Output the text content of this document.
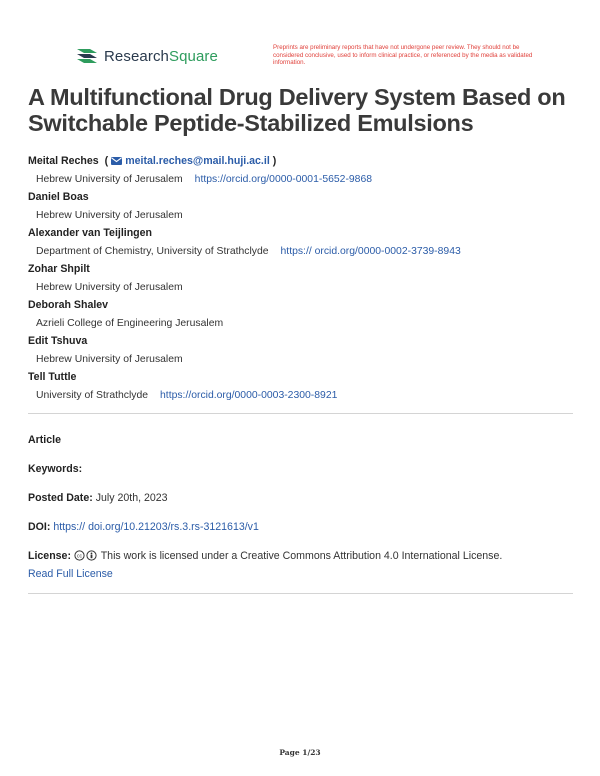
ResearchSquare	Preprints are preliminary reports that have not undergone peer review. They should not be considered conclusive, used to inform clinical practice, or referenced by the media as validated information.
A Multifunctional Drug Delivery System Based on Switchable Peptide-Stabilized Emulsions
Meital Reches ( meital.reches@mail.huji.ac.il )
Hebrew University of Jerusalem https://orcid.org/0000-0001-5652-9868
Daniel Boas
Hebrew University of Jerusalem
Alexander van Teijlingen
Department of Chemistry, University of Strathclyde https:// orcid.org/0000-0002-3739-8943
Zohar Shpilt
Hebrew University of Jerusalem
Deborah Shalev
Azrieli College of Engineering Jerusalem
Edit Tshuva
Hebrew University of Jerusalem
Tell Tuttle
University of Strathclyde https://orcid.org/0000-0003-2300-8921
Article
Keywords:
Posted Date: July 20th, 2023
DOI: https:// doi.org/10.21203/rs.3.rs-3121613/v1
License: cc This work is licensed under a Creative Commons Attribution 4.0 International License.
Read Full License
Page 1/23
